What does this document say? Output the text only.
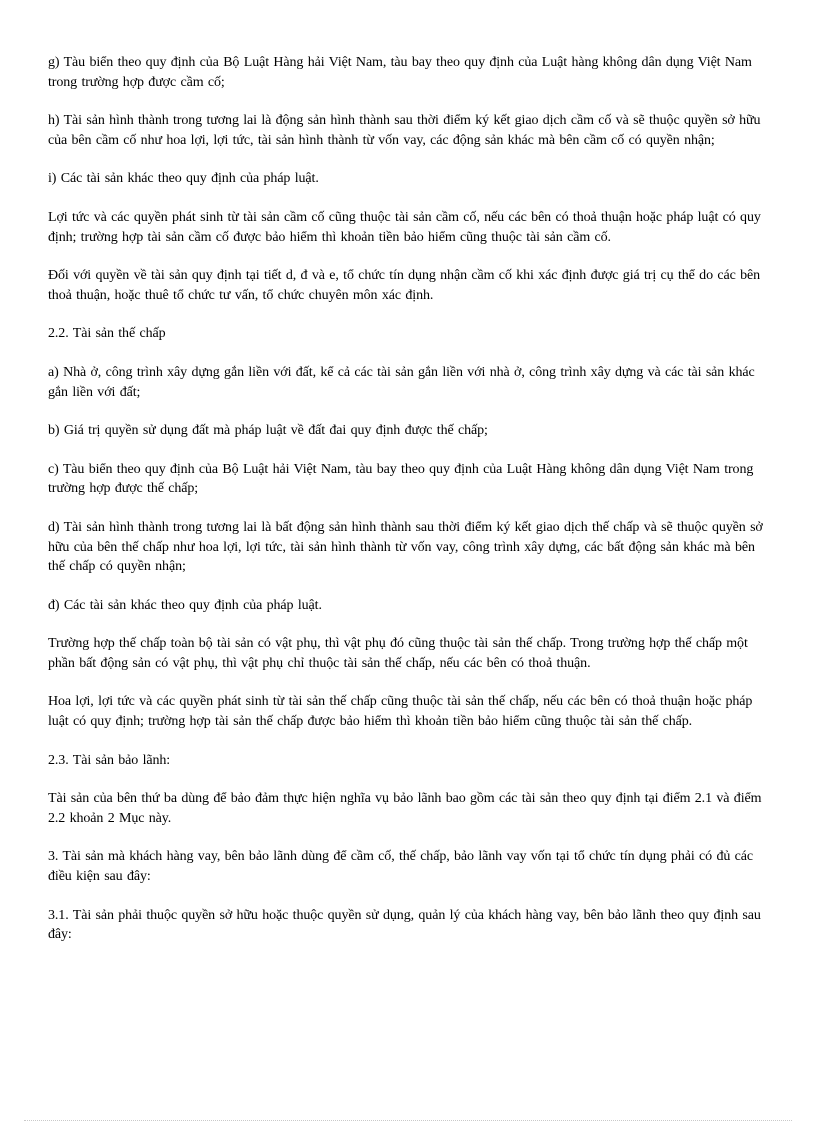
g) Tàu biển theo quy định của Bộ Luật Hàng hải Việt Nam, tàu bay theo quy định của Luật hàng không dân dụng Việt Nam trong trường hợp được cầm cố;

h) Tài sản hình thành trong tương lai là động sản hình thành sau thời điểm ký kết giao dịch cầm cố và sẽ thuộc quyền sở hữu của bên cầm cố như hoa lợi, lợi tức, tài sản hình thành từ vốn vay, các động sản khác mà bên cầm cố có quyền nhận;

i) Các tài sản khác theo quy định của pháp luật.

Lợi tức và các quyền phát sinh từ tài sản cầm cố cũng thuộc tài sản cầm cố, nếu các bên có thoả thuận hoặc pháp luật có quy định; trường hợp tài sản cầm cố được bảo hiểm thì khoản tiền bảo hiểm cũng thuộc tài sản cầm cố.

Đối với quyền về tài sản quy định tại tiết d, đ và e, tổ chức tín dụng nhận cầm cố khi xác định được giá trị cụ thể do các bên thoả thuận, hoặc thuê tổ chức tư vấn, tổ chức chuyên môn xác định.

2.2. Tài sản thế chấp

a) Nhà ở, công trình xây dựng gắn liền với đất, kể cả các tài sản gắn liền với nhà ở, công trình xây dựng và các tài sản khác gắn liền với đất;

b) Giá trị quyền sử dụng đất mà pháp luật về đất đai quy định được thế chấp;

c) Tàu biển theo quy định của Bộ Luật hải Việt Nam, tàu bay theo quy định của Luật Hàng không dân dụng Việt Nam trong trường hợp được thế chấp;

d) Tài sản hình thành trong tương lai là bất động sản hình thành sau thời điểm ký kết giao dịch thế chấp và sẽ thuộc quyền sở hữu của bên thế chấp như hoa lợi, lợi tức, tài sản hình thành từ vốn vay, công trình xây dựng, các bất động sản khác mà bên thế chấp có quyền nhận;

đ) Các tài sản khác theo quy định của pháp luật.

Trường hợp thế chấp toàn bộ tài sản có vật phụ, thì vật phụ đó cũng thuộc tài sản thế chấp. Trong trường hợp thế chấp một phần bất động sản có vật phụ, thì vật phụ chỉ thuộc tài sản thế chấp, nếu các bên có thoả thuận.

Hoa lợi, lợi tức và các quyền phát sinh từ tài sản thế chấp cũng thuộc tài sản thế chấp, nếu các bên có thoả thuận hoặc pháp luật có quy định; trường hợp tài sản thế chấp được bảo hiểm thì khoản tiền bảo hiểm cũng thuộc tài sản thế chấp.

2.3. Tài sản bảo lãnh:

Tài sản của bên thứ ba dùng để bảo đảm thực hiện nghĩa vụ bảo lãnh bao gồm các tài sản theo quy định tại điểm 2.1 và điểm 2.2 khoản 2 Mục này.

3. Tài sản mà khách hàng vay, bên bảo lãnh dùng để cầm cố, thế chấp, bảo lãnh vay vốn tại tổ chức tín dụng phải có đủ các điều kiện sau đây:

3.1. Tài sản phải thuộc quyền sở hữu hoặc thuộc quyền sử dụng, quản lý của khách hàng vay, bên bảo lãnh theo quy định sau đây:
